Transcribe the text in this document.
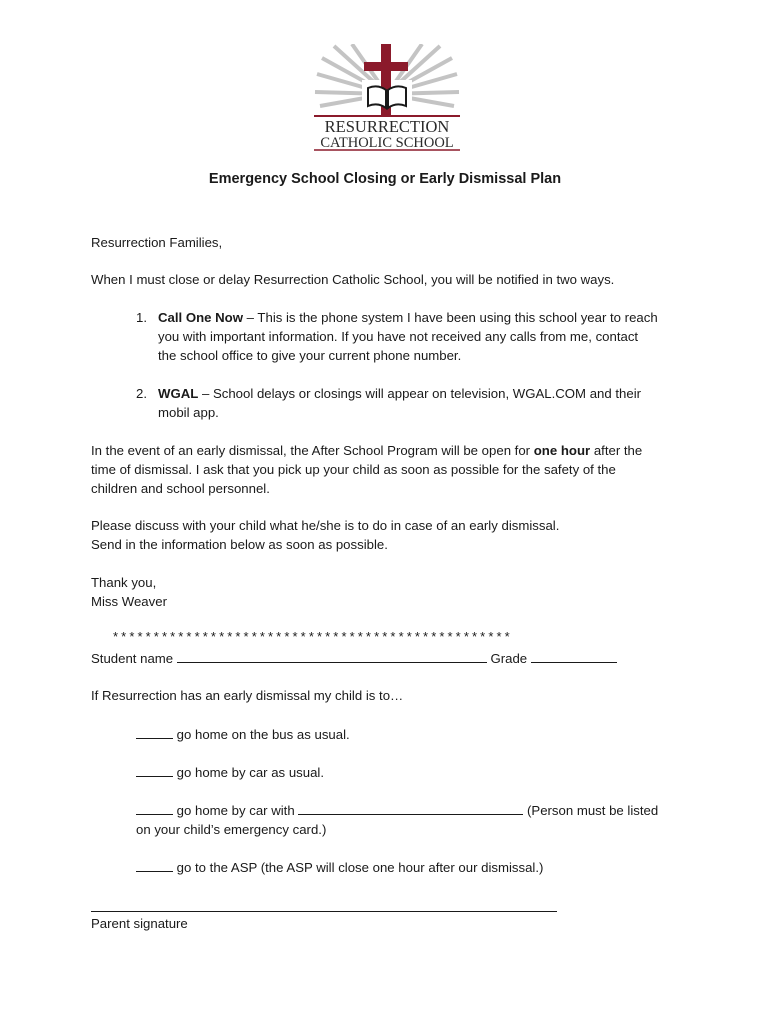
RESURRECTION
CATHOLIC SCHOOL
Emergency School Closing or Early Dismissal Plan
Resurrection Families,
When I must close or delay Resurrection Catholic School, you will be notified in two ways.
1. Call One Now – This is the phone system I have been using this school year to reach
you with important information. If you have not received any calls from me, contact
the school office to give your current phone number.
2. WGAL – School delays or closings will appear on television, WGAL.COM and their
mobil app.
In the event of an early dismissal, the After School Program will be open for one hour after the
time of dismissal. I ask that you pick up your child as soon as possible for the safety of the
children and school personnel.
Please discuss with your child what he/she is to do in case of an early dismissal.
Send in the information below as soon as possible.
Thank you,
Miss Weaver
*************************************************
Student name	Grade
If Resurrection has an early dismissal my child is to…
go home on the bus as usual.
go home by car as usual.
go home by car with	(Person must be listed
on your child’s emergency card.)
go to the ASP (the ASP will close one hour after our dismissal.)
Parent signature
